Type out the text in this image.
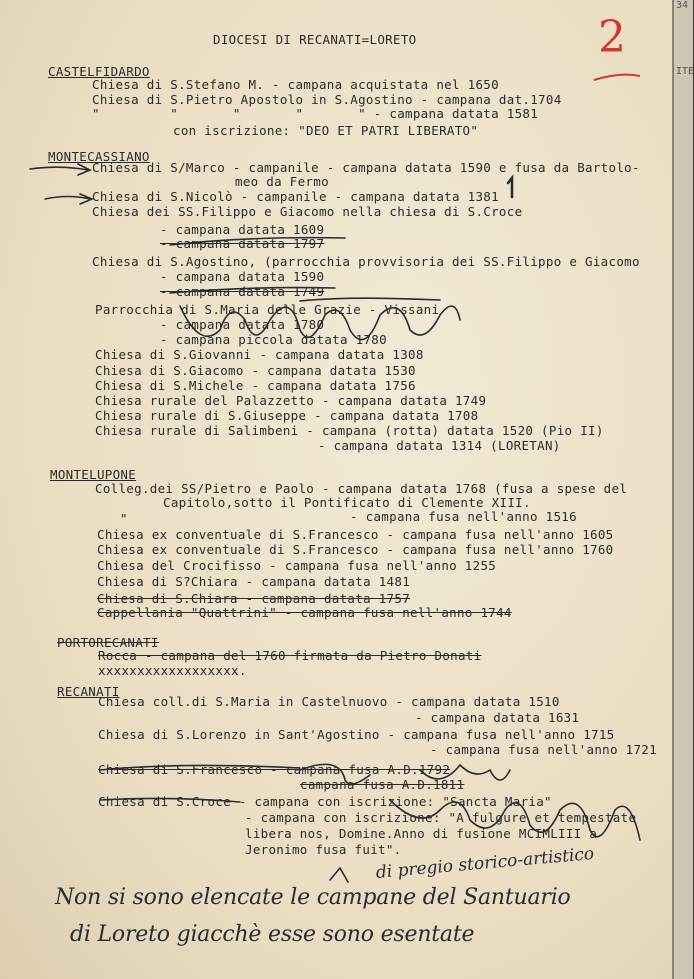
2
DIOCESI DI RECANATI=LORETO
CASTELFIDARDO
Chiesa di S.Stefano M. - campana acquistata nel 1650
Chiesa di S.Pietro Apostolo in S.Agostino - campana dat.1704
"         "       "       "       " - campana datata 1581
con iscrizione: "DEO ET PATRI LIBERATO"
MONTECASSIANO
Chiesa di S/Marco - campanile - campana datata 1590 e fusa da Bartolo-
meo da Fermo
Chiesa di S.Nicolò - campanile - campana datata 1381
Chiesa dei SS.Filippo e Giacomo nella chiesa di S.Croce
- campana datata 1609
- campana datata 1797
Chiesa di S.Agostino, (parrocchia provvisoria dei SS.Filippo e Giacomo
- campana datata 1590
- campana datata 1749
Parrocchia di S.Maria delle Grazie - Vissani
- campana datata 1780
- campana piccola datata 1780
Chiesa di S.Giovanni - campana datata 1308
Chiesa di S.Giacomo - campana datata 1530
Chiesa di S.Michele - campana datata 1756
Chiesa rurale del Palazzetto - campana datata 1749
Chiesa rurale di S.Giuseppe - campana datata 1708
Chiesa rurale di Salimbeni - campana (rotta) datata 1520 (Pio II)
- campana datata 1314 (LORETAN)
MONTELUPONE
Colleg.dei SS/Pietro e Paolo - campana datata 1768 (fusa a spese del
Capitolo,sotto il Pontificato di Clemente XIII.
"	- campana fusa nell'anno 1516
Chiesa ex conventuale di S.Francesco - campana fusa nell'anno 1605
Chiesa ex conventuale di S.Francesco - campana fusa nell'anno 1760
Chiesa del Crocifisso - campana fusa nell'anno 1255
Chiesa di S?Chiara - campana datata 1481
Chiesa di S.Chiara - campana datata 1757
Cappellania "Quattrini" - campana fusa nell'anno 1744
PORTORECANATI
Rocca - campana del 1760 firmata da Pietro Donati
xxxxxxxxxxxxxxxxxx.
RECANATI
Chiesa coll.di S.Maria in Castelnuovo - campana datata 1510
- campana datata 1631
Chiesa di S.Lorenzo in Sant'Agostino - campana fusa nell'anno 1715
- campana fusa nell'anno 1721
Chiesa di S.Francesco - campana fusa A.D.1792
campana fusa A.D.1811
Chiesa di S.Croce - campana con iscrizione: "Sancta Maria"
- campana con iscrizione: "A fulgure et tempestate
libera nos, Domine.Anno di fusione MCIMLIII a
Jeronimo fusa fuit".
di pregio storico-artistico
Non si sono elencate le campane del Santuario
di Loreto giacchè esse sono esentate
34
ITE
